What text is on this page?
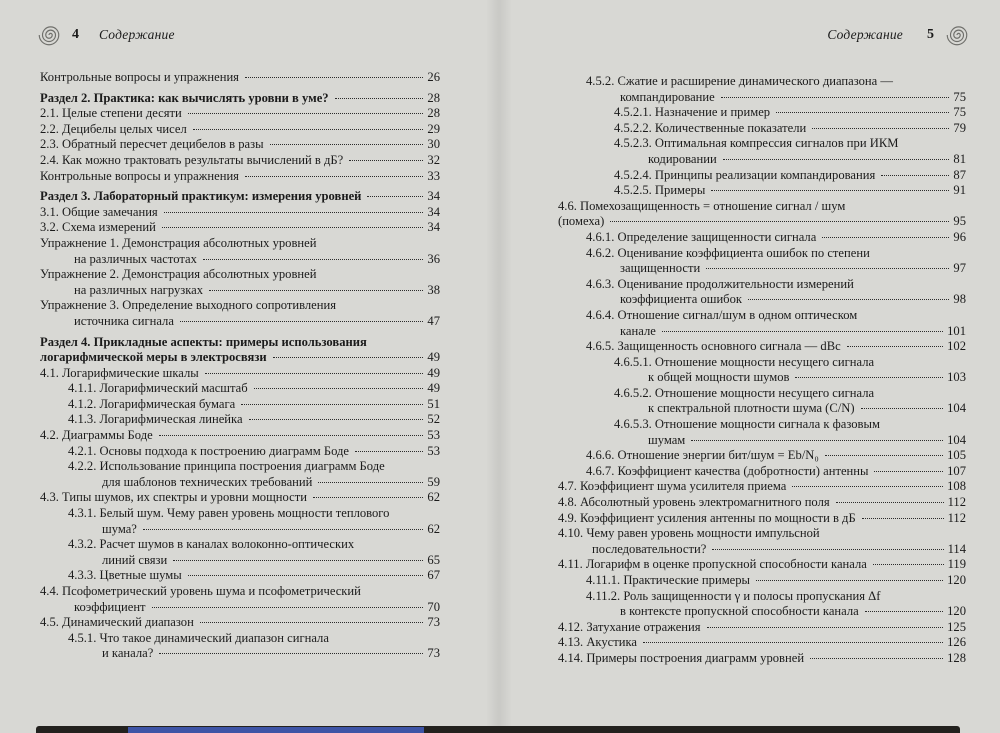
4 Содержание	Содержание 5
Контрольные вопросы и упражнения	26
Раздел 2. Практика: как вычислять уровни в уме?	28
2.1. Целые степени десяти	28
2.2. Децибелы целых чисел	29
2.3. Обратный пересчет децибелов в разы	30
2.4. Как можно трактовать результаты вычислений в дБ?	32
Контрольные вопросы и упражнения	33
Раздел 3. Лабораторный практикум: измерения уровней	34
3.1. Общие замечания	34
3.2. Схема измерений	34
Упражнение 1. Демонстрация абсолютных уровней
на различных частотах	36
Упражнение 2. Демонстрация абсолютных уровней
на различных нагрузках	38
Упражнение 3. Определение выходного сопротивления
источника сигнала	47
Раздел 4. Прикладные аспекты: примеры использования
логарифмической меры в электросвязи	49
4.1. Логарифмические шкалы	49
4.1.1. Логарифмический масштаб	49
4.1.2. Логарифмическая бумага	51
4.1.3. Логарифмическая линейка	52
4.2. Диаграммы Боде	53
4.2.1. Основы подхода к построению диаграмм Боде	53
4.2.2. Использование принципа построения диаграмм Боде
для шаблонов технических требований	59
4.3. Типы шумов, их спектры и уровни мощности	62
4.3.1. Белый шум. Чему равен уровень мощности теплового
шума?	62
4.3.2. Расчет шумов в каналах волоконно-оптических
линий связи	65
4.3.3. Цветные шумы	67
4.4. Псофометрический уровень шума и псофометрический
коэффициент	70
4.5. Динамический диапазон	73
4.5.1. Что такое динамический диапазон сигнала
и канала?	73
4.5.2. Сжатие и расширение динамического диапазона —
компандирование	75
4.5.2.1. Назначение и пример	75
4.5.2.2. Количественные показатели	79
4.5.2.3. Оптимальная компрессия сигналов при ИКМ
кодировании	81
4.5.2.4. Принципы реализации компандирования	87
4.5.2.5. Примеры	91
4.6. Помехозащищенность = отношение сигнал / шум
(помеха)	95
4.6.1. Определение защищенности сигнала	96
4.6.2. Оценивание коэффициента ошибок по степени
защищенности	97
4.6.3. Оценивание продолжительности измерений
коэффициента ошибок	98
4.6.4. Отношение сигнал/шум в одном оптическом
канале	101
4.6.5. Защищенность основного сигнала — dBc	102
4.6.5.1. Отношение мощности несущего сигнала
к общей мощности шумов	103
4.6.5.2. Отношение мощности несущего сигнала
к спектральной плотности шума (C/N)	104
4.6.5.3. Отношение мощности сигнала к фазовым
шумам	104
4.6.6. Отношение энергии бит/шум = Eb/N₀	105
4.6.7. Коэффициент качества (добротности) антенны	107
4.7. Коэффициент шума усилителя приема	108
4.8. Абсолютный уровень электромагнитного поля	112
4.9. Коэффициент усиления антенны по мощности в дБ	112
4.10. Чему равен уровень мощности импульсной
последовательности?	114
4.11. Логарифм в оценке пропускной способности канала	119
4.11.1. Практические примеры	120
4.11.2. Роль защищенности γ и полосы пропускания Δf
в контексте пропускной способности канала	120
4.12. Затухание отражения	125
4.13. Акустика	126
4.14. Примеры построения диаграмм уровней	128
